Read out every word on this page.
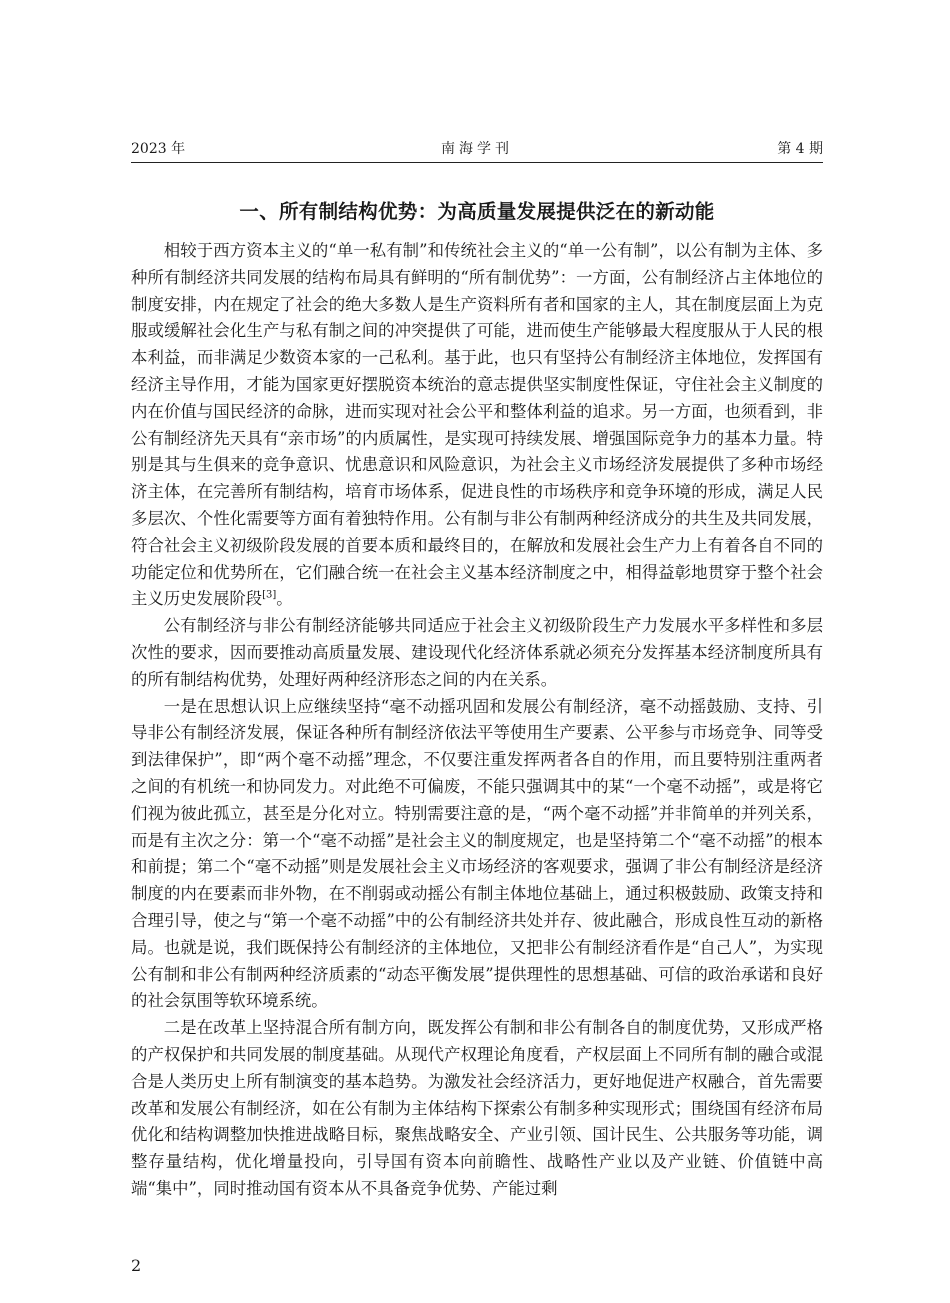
2023 年	南海学刊	第 4 期
一、所有制结构优势：为高质量发展提供泛在的新动能

相较于西方资本主义的“单一私有制”和传统社会主义的“单一公有制”，以公有制为主体、多种所有制经济共同发展的结构布局具有鲜明的“所有制优势”：一方面，公有制经济占主体地位的制度安排，内在规定了社会的绝大多数人是生产资料所有者和国家的主人，其在制度层面上为克服或缓解社会化生产与私有制之间的冲突提供了可能，进而使生产能够最大程度服从于人民的根本利益，而非满足少数资本家的一己私利。基于此，也只有坚持公有制经济主体地位，发挥国有经济主导作用，才能为国家更好摆脱资本统治的意志提供坚实制度性保证，守住社会主义制度的内在价值与国民经济的命脉，进而实现对社会公平和整体利益的追求。另一方面，也须看到，非公有制经济先天具有“亲市场”的内质属性，是实现可持续发展、增强国际竞争力的基本力量。特别是其与生俱来的竞争意识、忧患意识和风险意识，为社会主义市场经济发展提供了多种市场经济主体，在完善所有制结构，培育市场体系，促进良性的市场秩序和竞争环境的形成，满足人民多层次、个性化需要等方面有着独特作用。公有制与非公有制两种经济成分的共生及共同发展，符合社会主义初级阶段发展的首要本质和最终目的，在解放和发展社会生产力上有着各自不同的功能定位和优势所在，它们融合统一在社会主义基本经济制度之中，相得益彰地贯穿于整个社会主义历史发展阶段[3]。

公有制经济与非公有制经济能够共同适应于社会主义初级阶段生产力发展水平多样性和多层次性的要求，因而要推动高质量发展、建设现代化经济体系就必须充分发挥基本经济制度所具有的所有制结构优势，处理好两种经济形态之间的内在关系。

一是在思想认识上应继续坚持“毫不动摇巩固和发展公有制经济，毫不动摇鼓励、支持、引导非公有制经济发展，保证各种所有制经济依法平等使用生产要素、公平参与市场竞争、同等受到法律保护”，即“两个毫不动摇”理念，不仅要注重发挥两者各自的作用，而且要特别注重两者之间的有机统一和协同发力。对此绝不可偏废，不能只强调其中的某“一个毫不动摇”，或是将它们视为彼此孤立，甚至是分化对立。特别需要注意的是，“两个毫不动摇”并非简单的并列关系，而是有主次之分：第一个“毫不动摇”是社会主义的制度规定，也是坚持第二个“毫不动摇”的根本和前提；第二个“毫不动摇”则是发展社会主义市场经济的客观要求，强调了非公有制经济是经济制度的内在要素而非外物，在不削弱或动摇公有制主体地位基础上，通过积极鼓励、政策支持和合理引导，使之与“第一个毫不动摇”中的公有制经济共处并存、彼此融合，形成良性互动的新格局。也就是说，我们既保持公有制经济的主体地位，又把非公有制经济看作是“自己人”，为实现公有制和非公有制两种经济质素的“动态平衡发展”提供理性的思想基础、可信的政治承诺和良好的社会氛围等软环境系统。

二是在改革上坚持混合所有制方向，既发挥公有制和非公有制各自的制度优势，又形成严格的产权保护和共同发展的制度基础。从现代产权理论角度看，产权层面上不同所有制的融合或混合是人类历史上所有制演变的基本趋势。为激发社会经济活力，更好地促进产权融合，首先需要改革和发展公有制经济，如在公有制为主体结构下探索公有制多种实现形式；围绕国有经济布局优化和结构调整加快推进战略目标，聚焦战略安全、产业引领、国计民生、公共服务等功能，调整存量结构，优化增量投向，引导国有资本向前瞻性、战略性产业以及产业链、价值链中高端“集中”，同时推动国有资本从不具备竞争优势、产能过剩

2
